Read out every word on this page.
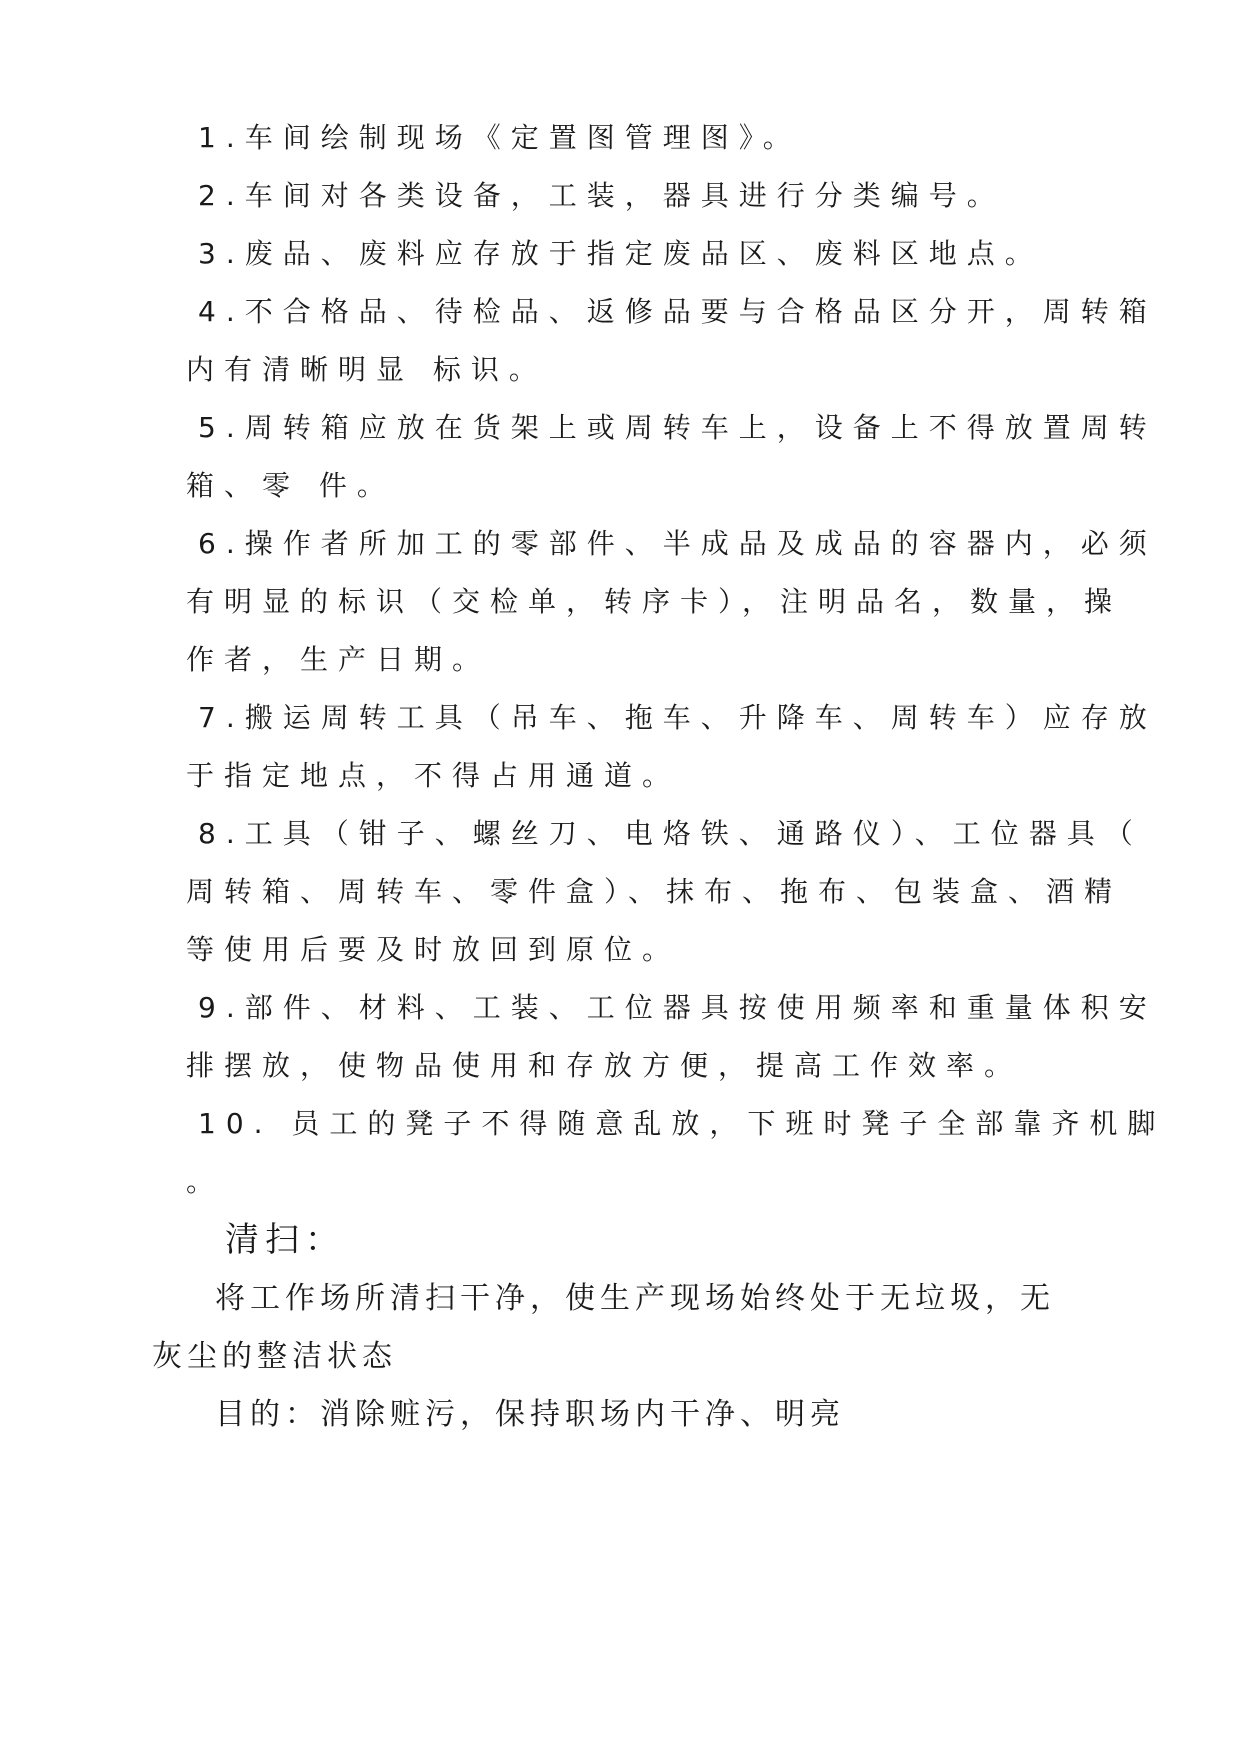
1.车间绘制现场《定置图管理图》。
2.车间对各类设备，工装，器具进行分类编号。
3.废品、废料应存放于指定废品区、废料区地点。
4.不合格品、待检品、返修品要与合格品区分开，周转箱
内有清晰明显 标识。
5.周转箱应放在货架上或周转车上，设备上不得放置周转
箱、零 件。
6.操作者所加工的零部件、半成品及成品的容器内，必须
有明显的标识（交检单，转序卡），注明品名，数量，操
作者，生产日期。
7.搬运周转工具（吊车、拖车、升降车、周转车）应存放
于指定地点，不得占用通道。
8.工具（钳子、螺丝刀、电烙铁、通路仪）、工位器具（
周转箱、周转车、零件盒）、抹布、拖布、包装盒、酒精
等使用后要及时放回到原位。
9.部件、材料、工装、工位器具按使用频率和重量体积安
排摆放，使物品使用和存放方便，提高工作效率。
10. 员工的凳子不得随意乱放，下班时凳子全部靠齐机脚
。
清扫：
将工作场所清扫干净，使生产现场始终处于无垃圾，无
灰尘的整洁状态
目的：消除赃污，保持职场内干净、明亮
